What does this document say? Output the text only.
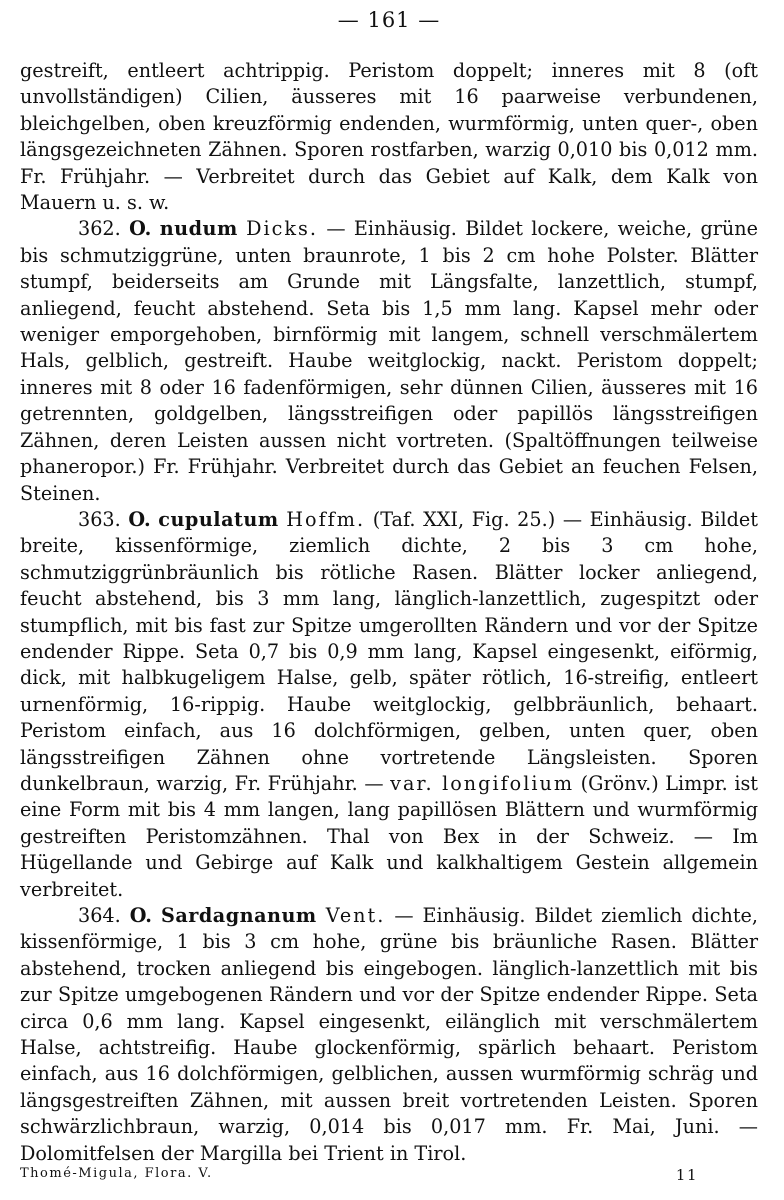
— 161 —

gestreift, entleert achtrippig. Peristom doppelt; inneres mit 8 (oft unvollständigen) Cilien, äusseres mit 16 paarweise verbundenen, bleichgelben, oben kreuzförmig endenden, wurmförmig, unten quer-, oben längsgezeichneten Zähnen. Sporen rostfarben, warzig 0,010 bis 0,012 mm. Fr. Frühjahr. — Verbreitet durch das Gebiet auf Kalk, dem Kalk von Mauern u. s. w.

362. O. nudum Dicks. — Einhäusig. Bildet lockere, weiche, grüne bis schmutziggrüne, unten braunrote, 1 bis 2 cm hohe Polster. Blätter stumpf, beiderseits am Grunde mit Längsfalte, lanzettlich, stumpf, anliegend, feucht abstehend. Seta bis 1,5 mm lang. Kapsel mehr oder weniger emporgehoben, birnförmig mit langem, schnell verschmälertem Hals, gelblich, gestreift. Haube weitglockig, nackt. Peristom doppelt; inneres mit 8 oder 16 fadenförmigen, sehr dünnen Cilien, äusseres mit 16 getrennten, goldgelben, längsstreifigen oder papillös längsstreifigen Zähnen, deren Leisten aussen nicht vortreten. (Spaltöffnungen teilweise phaneropor.) Fr. Frühjahr. Verbreitet durch das Gebiet an feuchen Felsen, Steinen.

363. O. cupulatum Hoffm. (Taf. XXI, Fig. 25.) — Einhäusig. Bildet breite, kissenförmige, ziemlich dichte, 2 bis 3 cm hohe, schmutziggrünbräunlich bis rötliche Rasen. Blätter locker anliegend, feucht abstehend, bis 3 mm lang, länglich-lanzettlich, zugespitzt oder stumpflich, mit bis fast zur Spitze umgerollten Rändern und vor der Spitze endender Rippe. Seta 0,7 bis 0,9 mm lang, Kapsel eingesenkt, eiförmig, dick, mit halbkugeligem Halse, gelb, später rötlich, 16-streifig, entleert urnenförmig, 16-rippig. Haube weitglockig, gelbbräunlich, behaart. Peristom einfach, aus 16 dolchförmigen, gelben, unten quer, oben längsstreifigen Zähnen ohne vortretende Längsleisten. Sporen dunkelbraun, warzig, Fr. Frühjahr. — var. longifolium (Grönv.) Limpr. ist eine Form mit bis 4 mm langen, lang papillösen Blättern und wurmförmig gestreiften Peristomzähnen. Thal von Bex in der Schweiz. — Im Hügellande und Gebirge auf Kalk und kalkhaltigem Gestein allgemein verbreitet.

364. O. Sardagnanum Vent. — Einhäusig. Bildet ziemlich dichte, kissenförmige, 1 bis 3 cm hohe, grüne bis bräunliche Rasen. Blätter abstehend, trocken anliegend bis eingebogen. länglich-lanzettlich mit bis zur Spitze umgebogenen Rändern und vor der Spitze endender Rippe. Seta circa 0,6 mm lang. Kapsel eingesenkt, eilänglich mit verschmälertem Halse, achtstreifig. Haube glockenförmig, spärlich behaart. Peristom einfach, aus 16 dolchförmigen, gelblichen, aussen wurmförmig schräg und längsgestreiften Zähnen, mit aussen breit vortretenden Leisten. Sporen schwärzlichbraun, warzig, 0,014 bis 0,017 mm. Fr. Mai, Juni. — Dolomitfelsen der Margilla bei Trient in Tirol.

Thomé-Migula, Flora. V.	11
